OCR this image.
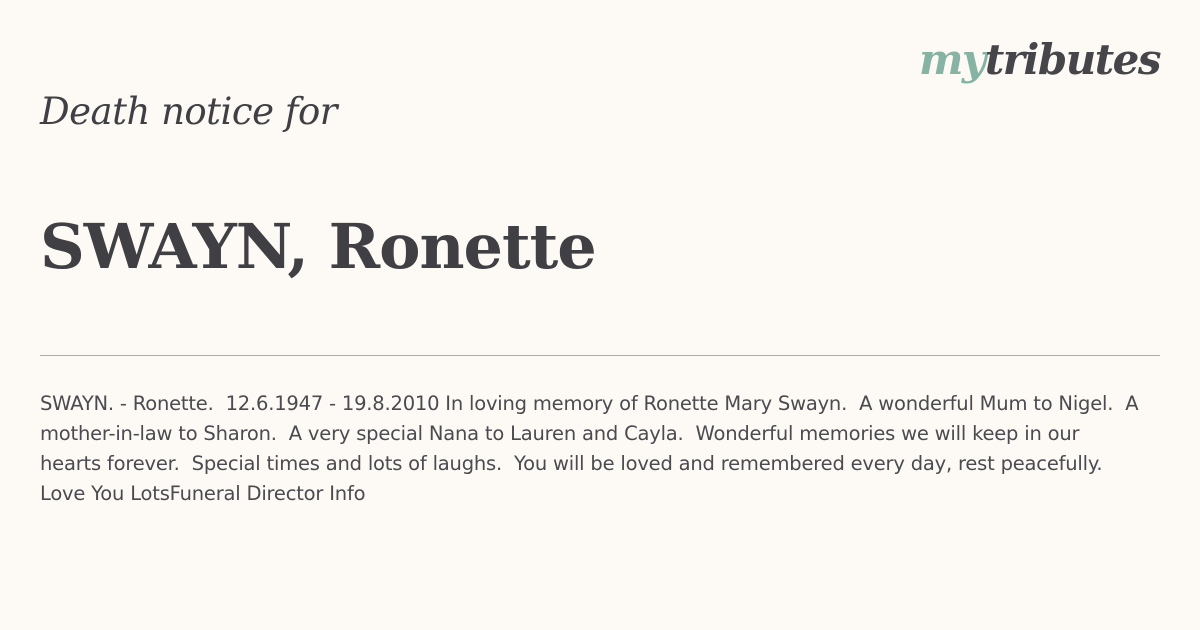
mytributes
Death notice for
SWAYN, Ronette
SWAYN. - Ronette.  12.6.1947 - 19.8.2010 In loving memory of Ronette Mary Swayn.  A wonderful Mum to Nigel.  A mother-in-law to Sharon.  A very special Nana to Lauren and Cayla.  Wonderful memories we will keep in our hearts forever.  Special times and lots of laughs.  You will be loved and remembered every day, rest peacefully.  Love You LotsFuneral Director Info
